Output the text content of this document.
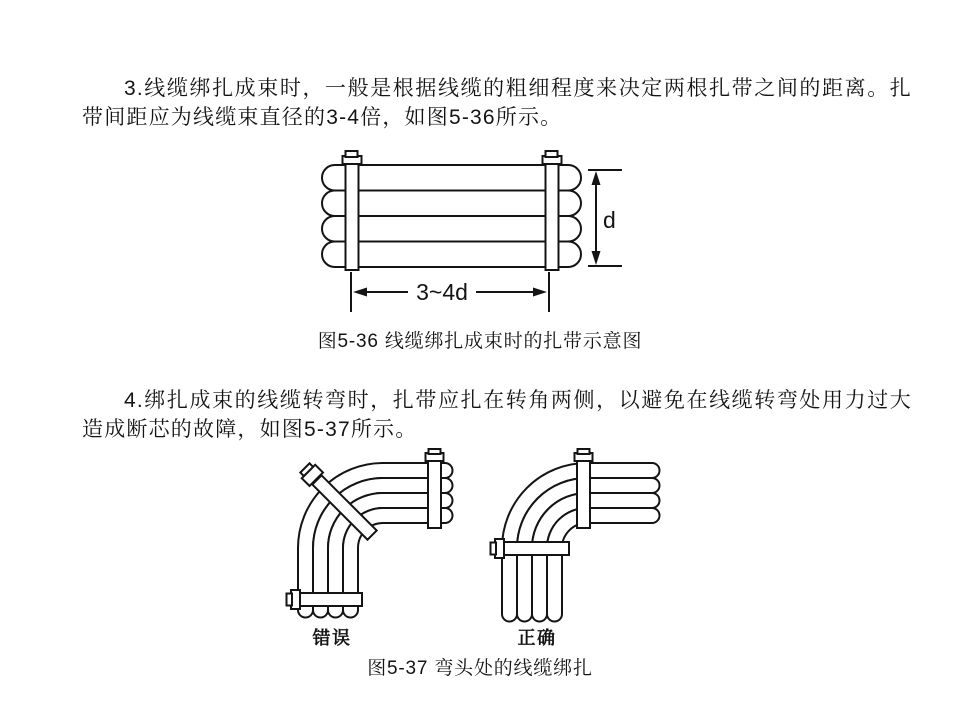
3.线缆绑扎成束时，一般是根据线缆的粗细程度来决定两根扎带之间的距离。扎带间距应为线缆束直径的3-4倍，如图5-36所示。
d
3~4d
图5-36 线缆绑扎成束时的扎带示意图
4.绑扎成束的线缆转弯时，扎带应扎在转角两侧，以避免在线缆转弯处用力过大造成断芯的故障，如图5-37所示。
错误	正确
图5-37 弯头处的线缆绑扎
